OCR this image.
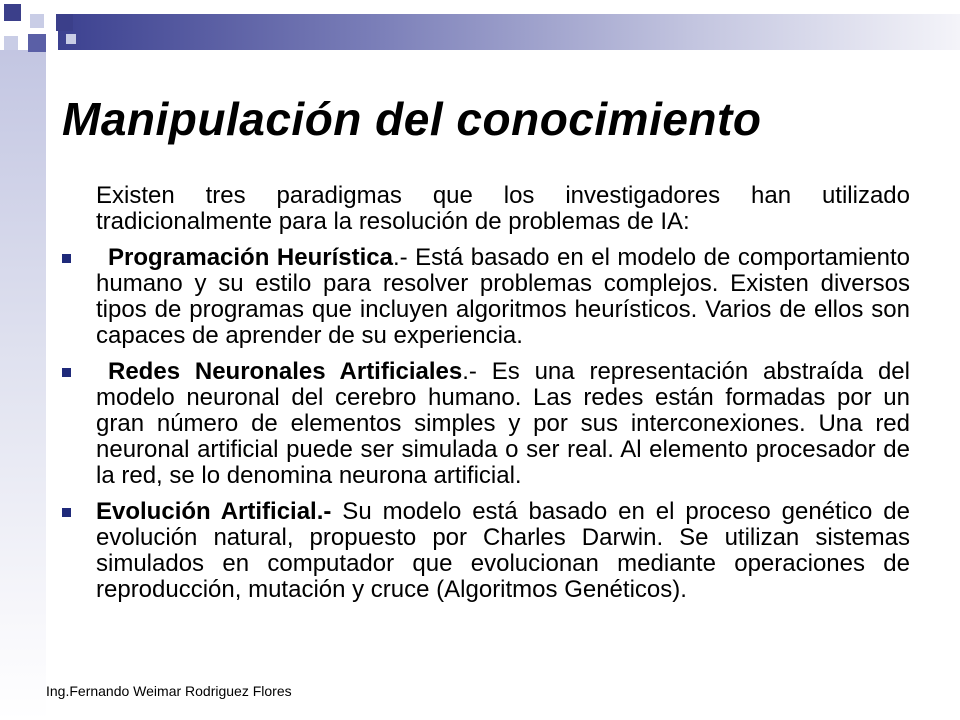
Manipulación del conocimiento

Existen tres paradigmas que los investigadores han utilizado tradicionalmente para la resolución de problemas de IA:

Programación Heurística.- Está basado en el modelo de comportamiento humano y su estilo para resolver problemas complejos. Existen diversos tipos de programas que incluyen algoritmos heurísticos. Varios de ellos son capaces de aprender de su experiencia.
Redes Neuronales Artificiales.- Es una representación abstraída del modelo neuronal del cerebro humano. Las redes están formadas por un gran número de elementos simples y por sus interconexiones. Una red neuronal artificial puede ser simulada o ser real. Al elemento procesador de la red, se lo denomina neurona artificial.
Evolución Artificial.- Su modelo está basado en el proceso genético de evolución natural, propuesto por Charles Darwin. Se utilizan sistemas simulados en computador que evolucionan mediante operaciones de reproducción, mutación y cruce (Algoritmos Genéticos).
Ing.Fernando Weimar Rodriguez Flores
